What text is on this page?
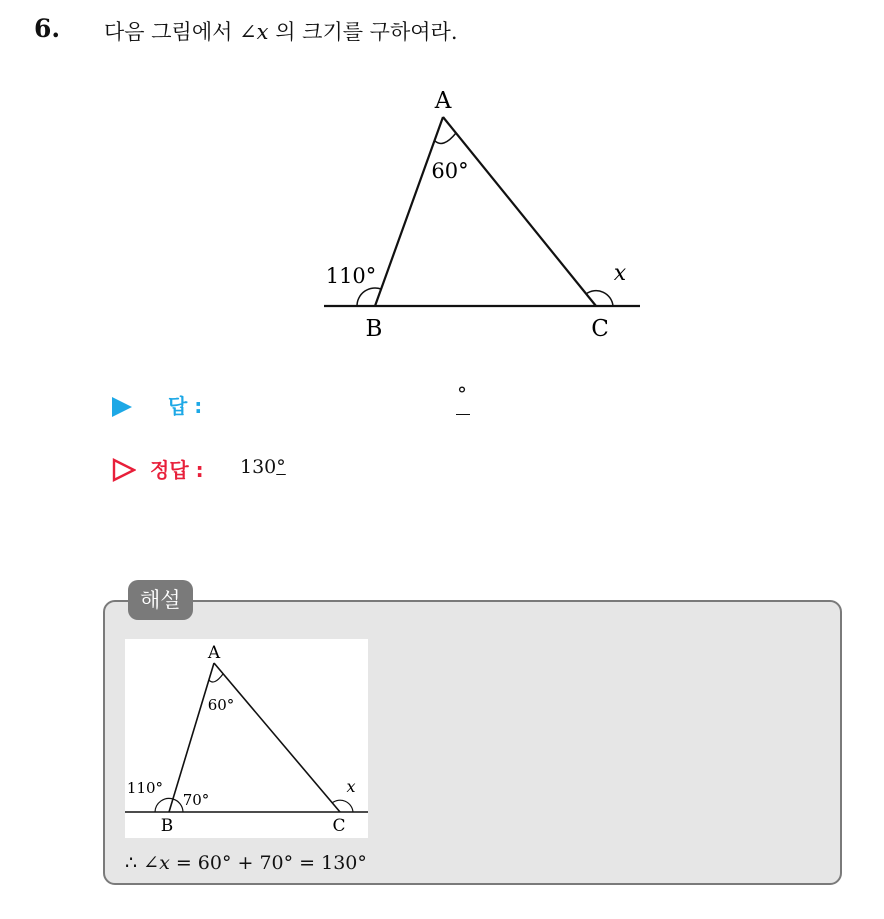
6. 다음 그림에서 ∠x 의 크기를 구하여라.
A
B	C
60°
110°	x
답 :	°
정답 : 130°
해설
A
B	C
60°
110°
70°
x
∴ ∠x = 60° + 70° = 130°
